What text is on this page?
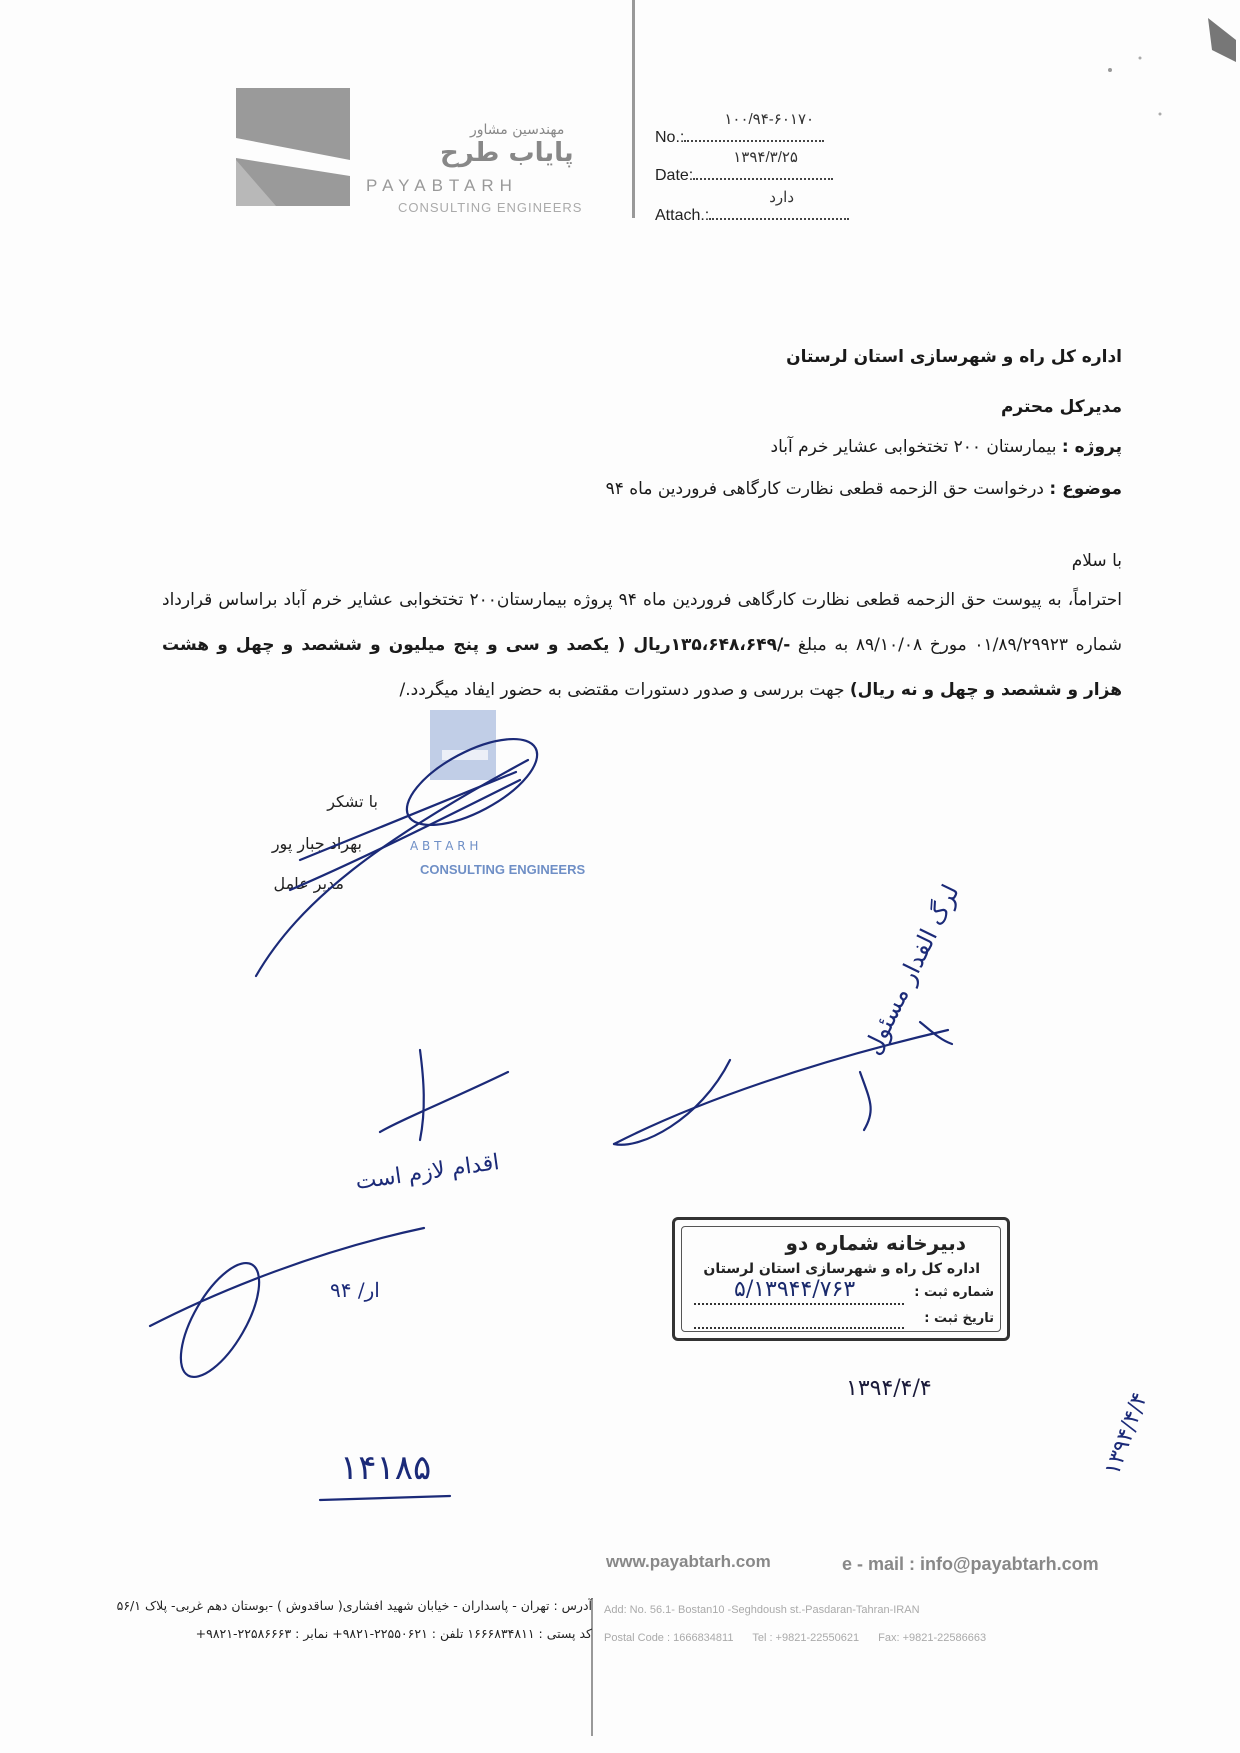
مهندسین مشاور
پایاب طرح
PAYABTARH
CONSULTING ENGINEERS
No.:
۱۰۰/۹۴-۶۰۱۷۰
Date:
۱۳۹۴/۳/۲۵
Attach.:
دارد
اداره کل راه و شهرسازی استان لرستان
مدیرکل محترم
پروژه : بیمارستان ۲۰۰ تختخوابی عشایر خرم آباد
موضوع : درخواست حق الزحمه قطعی نظارت کارگاهی فروردین ماه ۹۴
با سلام
احتراماً، به پیوست حق الزحمه قطعی نظارت کارگاهی فروردین ماه ۹۴ پروژه بیمارستان۲۰۰ تختخوابی عشایر خرم آباد براساس قرارداد شماره ۰۱/۸۹/۲۹۹۲۳ مورخ ۸۹/۱۰/۰۸ به مبلغ -/۱۳۵،۶۴۸،۶۴۹ریال ( یکصد و سی و پنج میلیون و ششصد و چهل و هشت هزار و ششصد و چهل و نه ریال) جهت بررسی و صدور دستورات مقتضی به حضور ایفاد میگردد./
A B T A R H
CONSULTING ENGINEERS
با تشکر
بهراد جبار پور
مدیر عامل	لرگ الفدار مسئول
اقدام لازم است
۹۴ /ار
دبیرخانه شماره دو
اداره کل راه و شهرسازی استان لرستان
شماره ثبت :
۵/۱۳۹۴۴/۷۶۳
تاریخ ثبت :
۱۳۹۴/۴/۴
۱۴۱۸۵	۱۳۹۴/۴/۴
www.payabtarh.com	e - mail : info@payabtarh.com
آدرس : تهران - پاسداران - خیابان شهید افشاری( ساقدوش ) -بوستان دهم غربی- پلاک ۵۶/۱
کد پستی : ۱۶۶۶۸۳۴۸۱۱ تلفن : ۲۲۵۵۰۶۲۱-۹۸۲۱+ نمابر : ۲۲۵۸۶۶۶۳-۹۸۲۱+
Add: No. 56.1- Bostan10 -Seghdoush st.-Pasdaran-Tahran-IRAN
Postal Code : 1666834811 Tel : +9821-22550621 Fax: +9821-22586663
